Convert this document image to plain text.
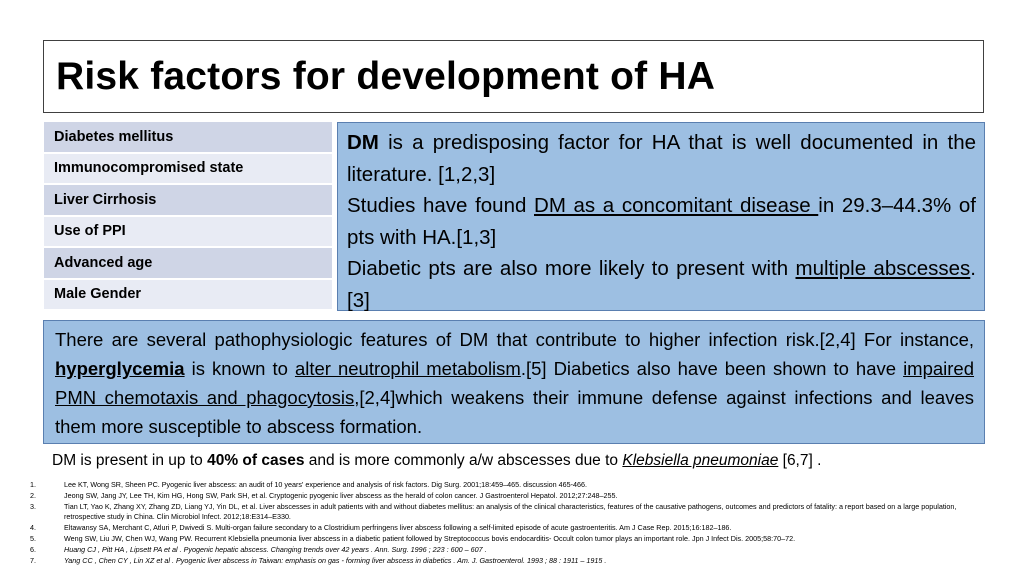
Risk factors for development of HA
Diabetes mellitus
Immunocompromised state
Liver Cirrhosis
Use of PPI
Advanced age
Male Gender

DM is a predisposing factor for HA that is well documented in the literature. [1,2,3]

Studies have found DM as a concomitant disease in 29.3–44.3% of pts with HA.[1,3]

Diabetic pts are also more likely to present with multiple abscesses.[3]

There are several pathophysiologic features of DM that contribute to higher infection risk.[2,4] For instance, hyperglycemia is known to alter neutrophil metabolism.[5] Diabetics also have been shown to have impaired PMN chemotaxis and phagocytosis,[2,4]which weakens their immune defense against infections and leaves them more susceptible to abscess formation.

DM is present in up to 40% of cases and is more commonly a/w abscesses due to Klebsiella pneumoniae [6,7] .
1.	Lee KT, Wong SR, Sheen PC. Pyogenic liver abscess: an audit of 10 years' experience and analysis of risk factors. Dig Surg. 2001;18:459–465. discussion 465-466.
2.	Jeong SW, Jang JY, Lee TH, Kim HG, Hong SW, Park SH, et al. Cryptogenic pyogenic liver abscess as the herald of colon cancer. J Gastroenterol Hepatol. 2012;27:248–255.
3.	Tian LT, Yao K, Zhang XY, Zhang ZD, Liang YJ, Yin DL, et al. Liver abscesses in adult patients with and without diabetes mellitus: an analysis of the clinical characteristics, features of the causative pathogens, outcomes and predictors of fatality: a report based on a large population, retrospective study in China. Clin Microbiol Infect. 2012;18:E314–E330.
4.	Eltawansy SA, Merchant C, Atluri P, Dwivedi S. Multi-organ failure secondary to a Clostridium perfringens liver abscess following a self-limited episode of acute gastroenteritis. Am J Case Rep. 2015;16:182–186.
5.	Weng SW, Liu JW, Chen WJ, Wang PW. Recurrent Klebsiella pneumonia liver abscess in a diabetic patient followed by Streptococcus bovis endocarditis- Occult colon tumor plays an important role. Jpn J Infect Dis. 2005;58:70–72.
6.	Huang CJ , Pitt HA , Lipsett PA et al . Pyogenic hepatic abscess. Changing trends over 42 years . Ann. Surg. 1996 ; 223 : 600 – 607 .
7.	Yang CC , Chen CY , Lin XZ et al . Pyogenic liver abscess in Taiwan: emphasis on gas - forming liver abscess in diabetics . Am. J. Gastroenterol. 1993 ; 88 : 1911 – 1915 .
